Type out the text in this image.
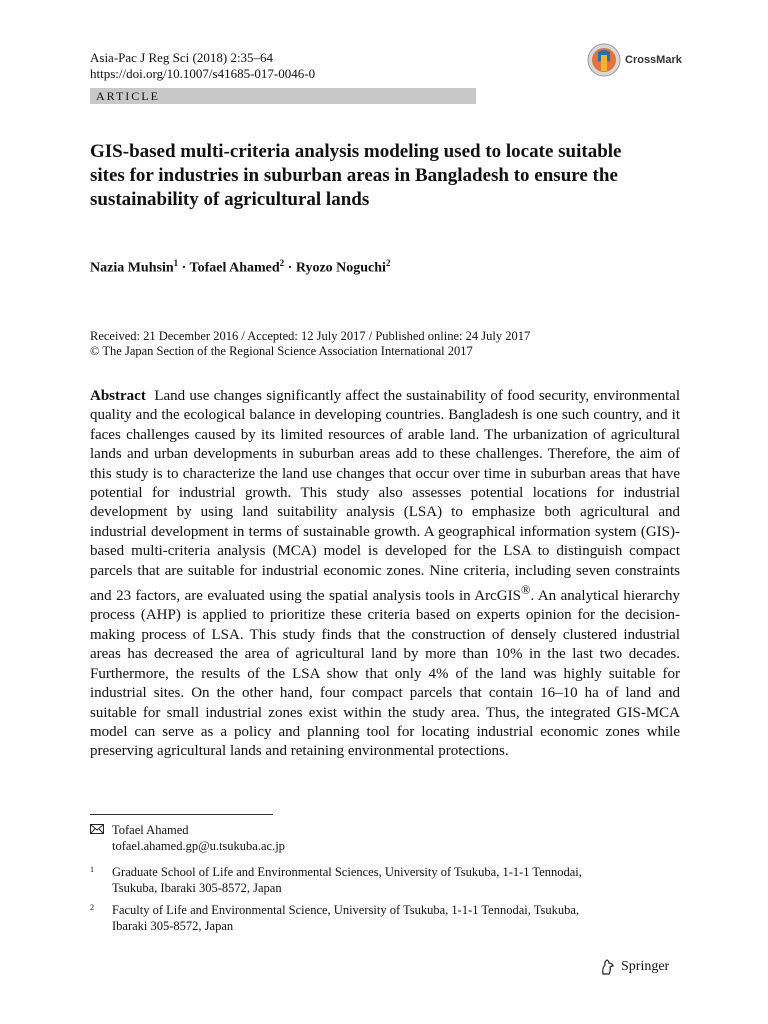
Asia-Pac J Reg Sci (2018) 2:35–64
https://doi.org/10.1007/s41685-017-0046-0
CrossMark
ARTICLE
GIS-based multi-criteria analysis modeling used to locate suitable sites for industries in suburban areas in Bangladesh to ensure the sustainability of agricultural lands
Nazia Muhsin$^1$ · Tofael Ahamed$^2$ · Ryozo Noguchi$^2$
Received: 21 December 2016 / Accepted: 12 July 2017 / Published online: 24 July 2017
© The Japan Section of the Regional Science Association International 2017

Abstract Land use changes significantly affect the sustainability of food security, environmental quality and the ecological balance in developing countries. Bangladesh is one such country, and it faces challenges caused by its limited resources of arable land. The urbanization of agricultural lands and urban developments in suburban areas add to these challenges. Therefore, the aim of this study is to characterize the land use changes that occur over time in suburban areas that have potential for industrial growth. This study also assesses potential locations for industrial development by using land suitability analysis (LSA) to emphasize both agricultural and industrial development in terms of sustainable growth. A geographical information system (GIS)-based multi-criteria analysis (MCA) model is developed for the LSA to distinguish compact parcels that are suitable for industrial economic zones. Nine criteria, including seven constraints and 23 factors, are evaluated using the spatial analysis tools in ArcGIS®. An analytical hierarchy process (AHP) is applied to prioritize these criteria based on experts opinion for the decision-making process of LSA. This study finds that the construction of densely clustered industrial areas has decreased the area of agricultural land by more than 10% in the last two decades. Furthermore, the results of the LSA show that only 4% of the land was highly suitable for industrial sites. On the other hand, four compact parcels that contain 16–10 ha of land and suitable for small industrial zones exist within the study area. Thus, the integrated GIS-MCA model can serve as a policy and planning tool for locating industrial economic zones while preserving agricultural lands and retaining environmental protections.

Tofael Ahamed
tofael.ahamed.gp@u.tsukuba.ac.jp
1 Graduate School of Life and Environmental Sciences, University of Tsukuba, 1-1-1 Tennodai,
Tsukuba, Ibaraki 305-8572, Japan
2 Faculty of Life and Environmental Science, University of Tsukuba, 1-1-1 Tennodai, Tsukuba,
Ibaraki 305-8572, Japan
Springer
